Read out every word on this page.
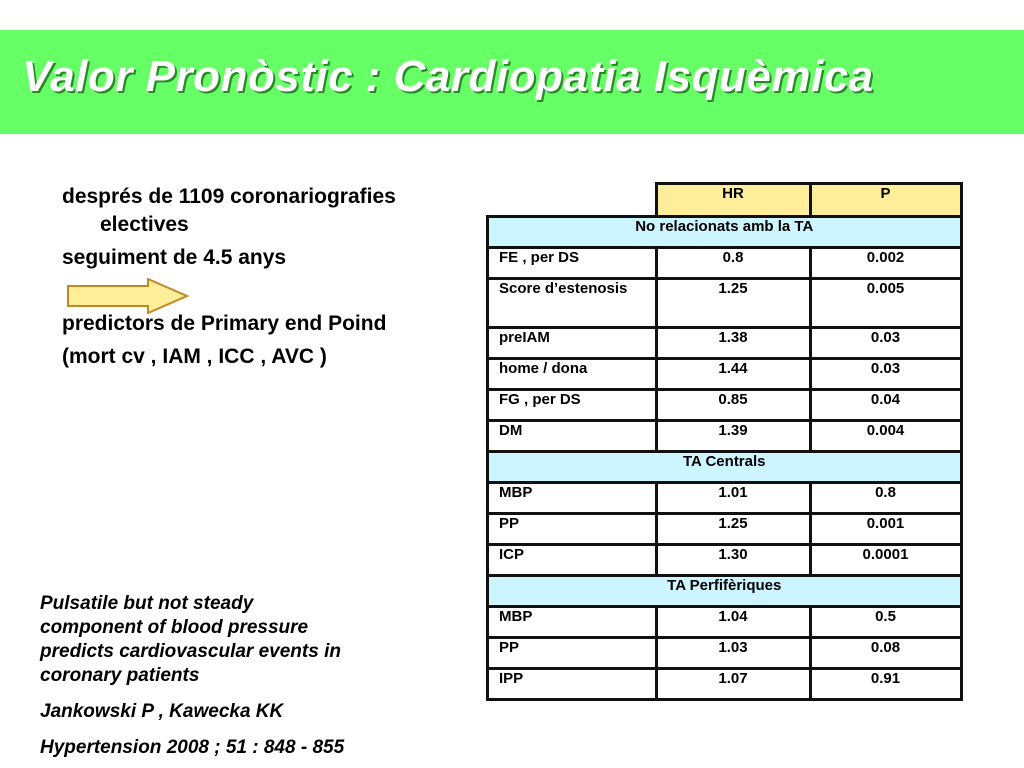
Valor Pronòstic : Cardiopatia Isquèmica
després de 1109 coronariografies
electives
seguiment de 4.5 anys
predictors de Primary end Poind
(mort cv , IAM , ICC , AVC )
Pulsatile but not steady
component of blood pressure
predicts cardiovascular events in
coronary patients
Jankowski P , Kawecka KK
Hypertension 2008 ; 51 : 848 - 855
	HR	P
No relacionats amb la TA		
FE , per DS	0.8	0.002
Score d’estenosis	1.25	0.005
preIAM	1.38	0.03
home / dona	1.44	0.03
FG , per DS	0.85	0.04
DM	1.39	0.004
TA Centrals		
MBP	1.01	0.8
PP	1.25	0.001
ICP	1.30	0.0001
TA Perfifèriques		
MBP	1.04	0.5
PP	1.03	0.08
IPP	1.07	0.91
